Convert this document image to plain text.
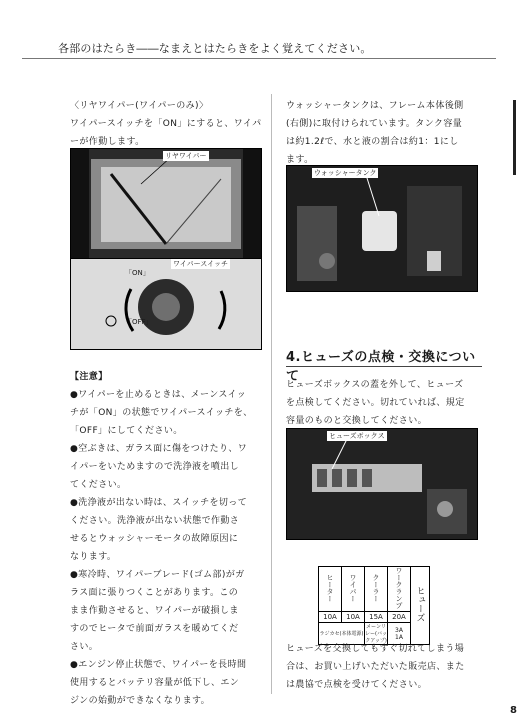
各部のはたらき――なまえとはたらきをよく覚えてください。
〈リヤワイパー(ワイパーのみ)〉
ワイパースイッチを「ON」にすると、ワイパ
ーが作動します。
リヤワイパー
ワイパースイッチ
「ON」
「OFF」
【注意】
●ワイパーを止めるときは、メーンスイッ
チが「ON」の状態でワイパースイッチを、
「OFF」にしてください。
●空ぶきは、ガラス面に傷をつけたり、ワ
イパーをいためますので洗浄液を噴出し
てください。
●洗浄液が出ない時は、スイッチを切って
ください。洗浄液が出ない状態で作動さ
せるとウォッシャーモータの故障原因に
なります。
●寒冷時、ワイパーブレード(ゴム部)がガ
ラス面に張りつくことがあります。この
まま作動させると、ワイパーが破損しま
すのでヒータで前面ガラスを暖めてくだ
さい。
●エンジン停止状態で、ワイパーを長時間
使用するとバッテリ容量が低下し、エン
ジンの始動ができなくなります。
ウォッシャータンクは、フレーム本体後側
(右側)に取付けられています。タンク容量
は約1.2ℓで、水と液の割合は約1：1にし
ます。
ウォッシャータンク
4.ヒューズの点検・交換について
ヒューズボックスの蓋を外して、ヒューズ
を点検してください。切れていれば、規定
容量のものと交換してください。
ヒューズボックス
ヒーター	ワイパー	クーラー	ワークランプ	ヒューズ
10A	10A	15A	20A	
ラジカセ(本体電源)		メーンリレー(バックアップ)	3A
1A	
ヒューズを交換してもすぐ切れてしまう場
合は、お買い上げいただいた販売店、また
は農協で点検を受けてください。
8
